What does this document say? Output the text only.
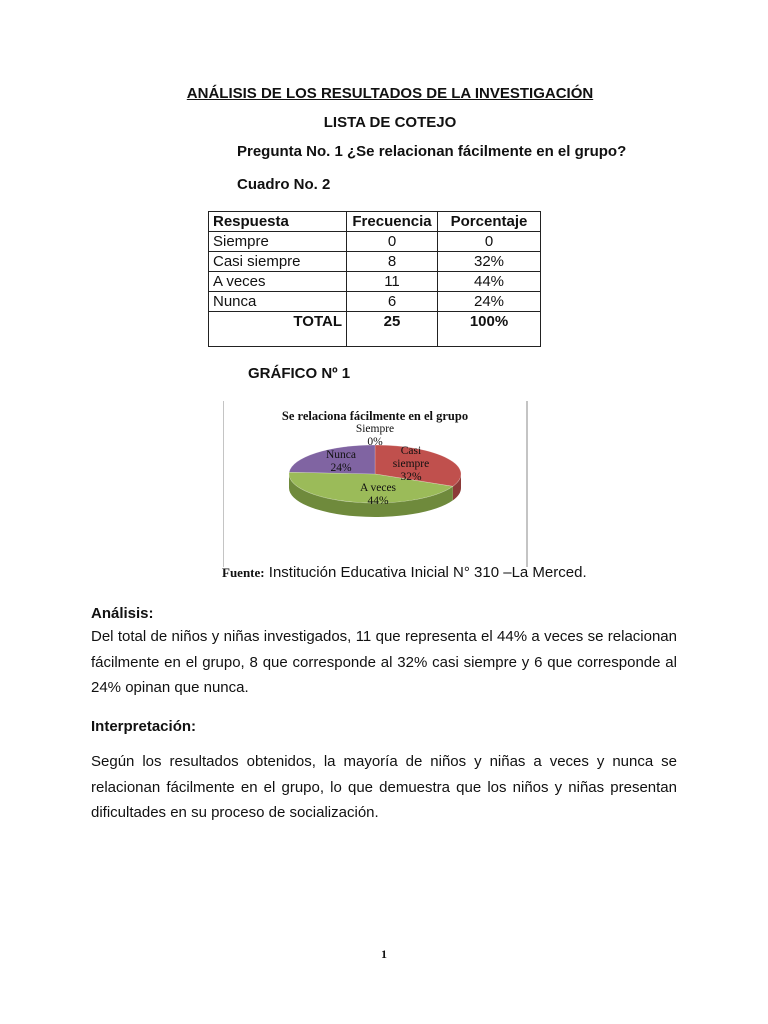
ANÁLISIS DE LOS RESULTADOS DE LA INVESTIGACIÓN
LISTA DE COTEJO
Pregunta No. 1 ¿Se relacionan fácilmente en el grupo?
Cuadro No. 2
Respuesta	Frecuencia	Porcentaje
Siempre	0	0
Casi siempre	8	32%
A veces	11	44%
Nunca	6	24%
TOTAL	25	100%
GRÁFICO Nº 1
Se relaciona fácilmente en el grupo
Siempre 0%
Casi siempre 32%
A veces 44%
Nunca 24%
Fuente: Institución Educativa Inicial N° 310 –La Merced.
Análisis:
Del total de niños y niñas investigados, 11 que representa el 44% a veces se relacionan fácilmente en el grupo, 8 que corresponde al 32% casi siempre y 6 que corresponde al 24% opinan que nunca.
Interpretación:
Según los resultados obtenidos, la mayoría de niños y niñas a veces y nunca se relacionan fácilmente en el grupo, lo que demuestra que los niños y niñas presentan dificultades en su proceso de socialización.
1
